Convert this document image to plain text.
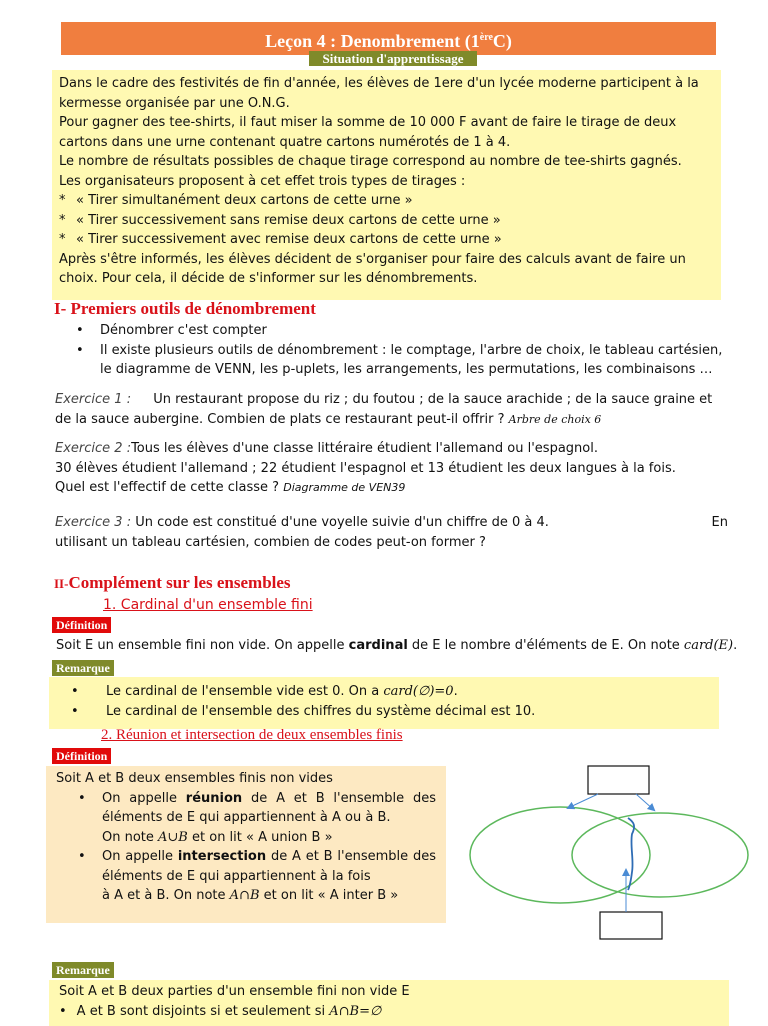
Leçon 4 : Denombrement (1èreC)
Situation d'apprentissage

Dans le cadre des festivités de fin d'année, les élèves de 1ere d'un lycée moderne participent à la kermesse organisée par une O.N.G.

Pour gagner des tee-shirts, il faut miser la somme de 10 000 F avant de faire le tirage de deux cartons dans une urne contenant quatre cartons numérotés de 1 à 4.

Le nombre de résultats possibles de chaque tirage correspond au nombre de tee-shirts gagnés.

Les organisateurs proposent à cet effet trois types de tirages :

* « Tirer simultanément deux cartons de cette urne »
* « Tirer successivement sans remise deux cartons de cette urne »
* « Tirer successivement avec remise deux cartons de cette urne »

Après s'être informés, les élèves décident de s'organiser pour faire des calculs avant de faire un choix. Pour cela, il décide de s'informer sur les dénombrements.

I- Premiers outils de dénombrement
• Dénombrer c'est compter
• Il existe plusieurs outils de dénombrement : le comptage, l'arbre de choix, le tableau cartésien, le diagramme de VENN, les p-uplets, les arrangements, les permutations, les combinaisons …
Exercice 1 : Un restaurant propose du riz ; du foutou ; de la sauce arachide ; de la sauce graine et de la sauce aubergine. Combien de plats ce restaurant peut-il offrir ? Arbre de choix 6
Exercice 2 :Tous les élèves d'une classe littéraire étudient l'allemand ou l'espagnol.
30 élèves étudient l'allemand ; 22 étudient l'espagnol et 13 étudient les deux langues à la fois.
Quel est l'effectif de cette classe ? Diagramme de VEN39
Exercice 3 : Un code est constitué d'une voyelle suivie d'un chiffre de 0 à 4.	En
utilisant un tableau cartésien, combien de codes peut-on former ?
II-Complément sur les ensembles
1. Cardinal d'un ensemble fini
Définition
Soit E un ensemble fini non vide. On appelle cardinal de E le nombre d'éléments de E. On note card(E).
Remarque
• Le cardinal de l'ensemble vide est 0. On a card(∅)=0.
• Le cardinal de l'ensemble des chiffres du système décimal est 10.
2. Réunion et intersection de deux ensembles finis
Définition
Soit A et B deux ensembles finis non vides
• On appelle réunion de A et B l'ensemble des éléments de E qui appartiennent à A ou à B.
On note A∪B et on lit « A union B »
• On appelle intersection de A et B l'ensemble des éléments de E qui appartiennent à la fois
à A et à B. On note A∩B et on lit « A inter B »
Remarque
Soit A et B deux parties d'un ensemble fini non vide E
• A et B sont disjoints si et seulement si A∩B=∅
